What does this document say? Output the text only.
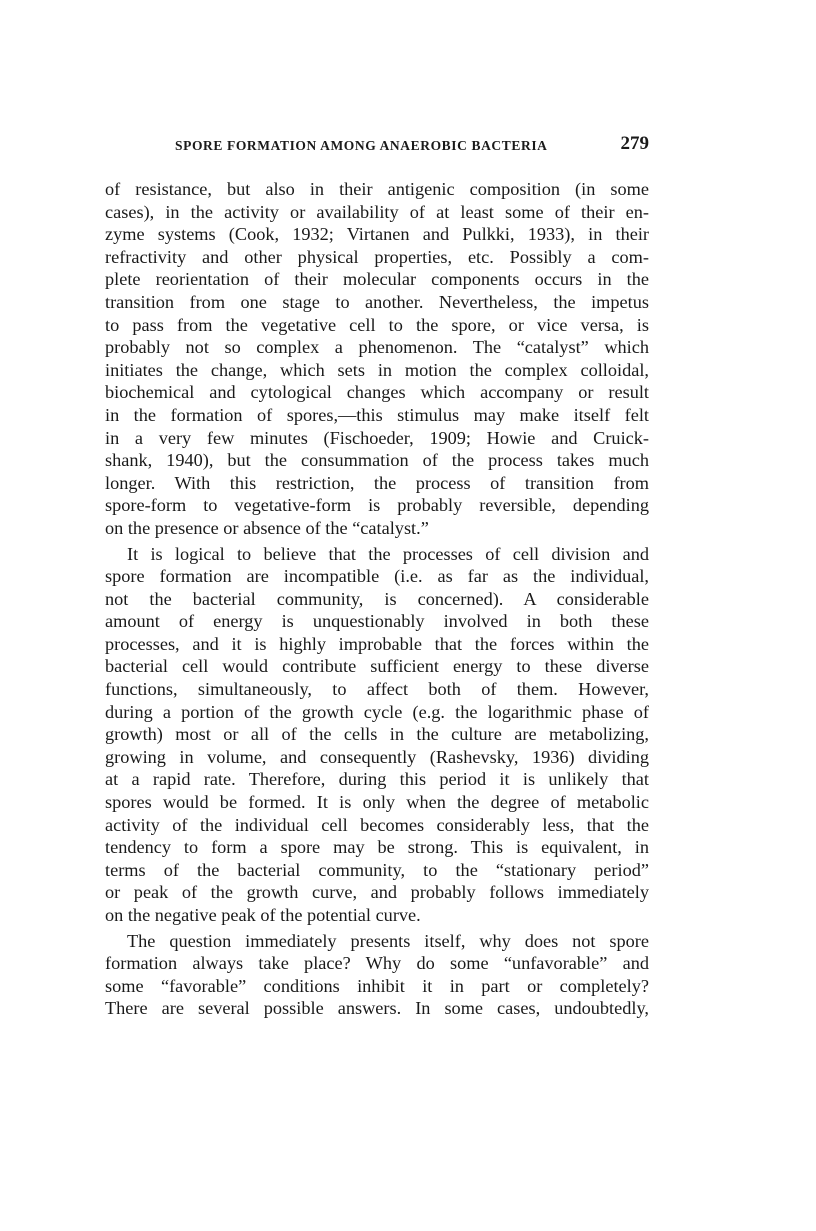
SPORE FORMATION AMONG ANAEROBIC BACTERIA	279
of resistance, but also in their antigenic composition (in some
cases), in the activity or availability of at least some of their en-
zyme systems (Cook, 1932; Virtanen and Pulkki, 1933), in their
refractivity and other physical properties, etc. Possibly a com-
plete reorientation of their molecular components occurs in the
transition from one stage to another. Nevertheless, the impetus
to pass from the vegetative cell to the spore, or vice versa, is
probably not so complex a phenomenon. The “catalyst” which
initiates the change, which sets in motion the complex colloidal,
biochemical and cytological changes which accompany or result
in the formation of spores,—this stimulus may make itself felt
in a very few minutes (Fischoeder, 1909; Howie and Cruick-
shank, 1940), but the consummation of the process takes much
longer. With this restriction, the process of transition from
spore-form to vegetative-form is probably reversible, depending
on the presence or absence of the “catalyst.”
It is logical to believe that the processes of cell division and
spore formation are incompatible (i.e. as far as the individual,
not the bacterial community, is concerned). A considerable
amount of energy is unquestionably involved in both these
processes, and it is highly improbable that the forces within the
bacterial cell would contribute sufficient energy to these diverse
functions, simultaneously, to affect both of them. However,
during a portion of the growth cycle (e.g. the logarithmic phase of
growth) most or all of the cells in the culture are metabolizing,
growing in volume, and consequently (Rashevsky, 1936) dividing
at a rapid rate. Therefore, during this period it is unlikely that
spores would be formed. It is only when the degree of metabolic
activity of the individual cell becomes considerably less, that the
tendency to form a spore may be strong. This is equivalent, in
terms of the bacterial community, to the “stationary period”
or peak of the growth curve, and probably follows immediately
on the negative peak of the potential curve.
The question immediately presents itself, why does not spore
formation always take place? Why do some “unfavorable” and
some “favorable” conditions inhibit it in part or completely?
There are several possible answers. In some cases, undoubtedly,
